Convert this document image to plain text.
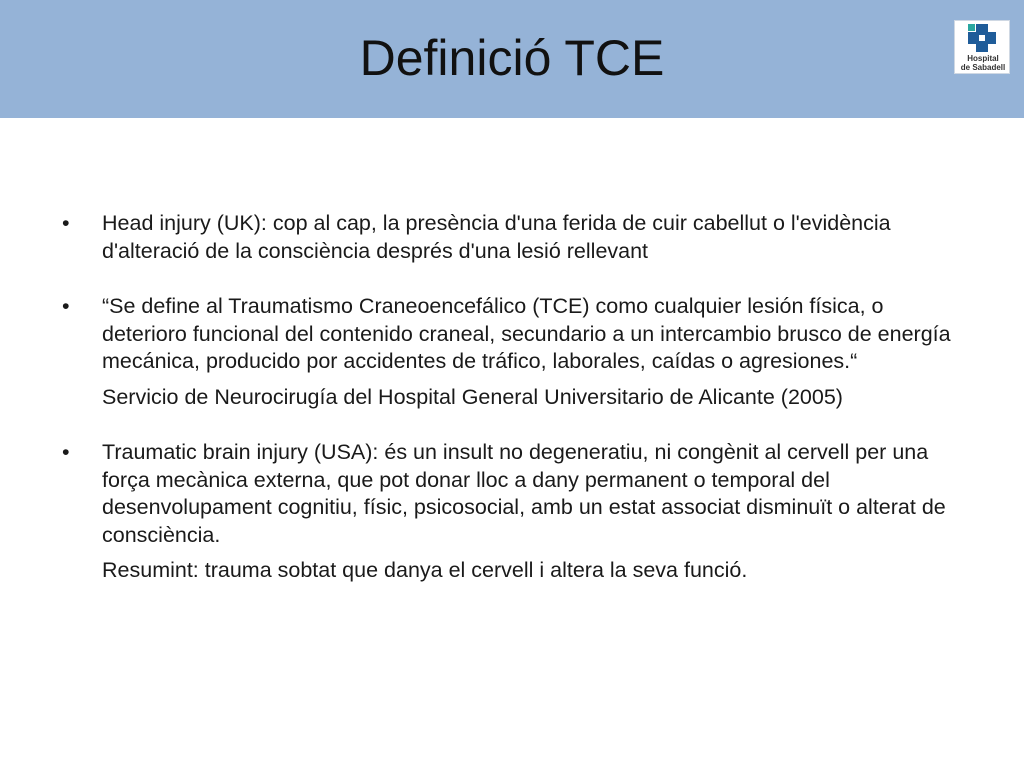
Definició TCE	Hospital
de Sabadell
• Head injury (UK): cop al cap, la presència d'una ferida de cuir cabellut o l'evidència d'alteració de la consciència després d'una lesió rellevant
• “Se define al Traumatismo Craneoencefálico (TCE) como cualquier lesión física, o deterioro funcional del contenido craneal, secundario a un intercambio brusco de energía mecánica, producido por accidentes de tráfico, laborales, caídas o agresiones.“
Servicio de Neurocirugía del Hospital General Universitario de Alicante (2005)
• Traumatic brain injury (USA): és un insult no degeneratiu, ni congènit al cervell per una força mecànica externa, que pot donar lloc a dany permanent o temporal del desenvolupament cognitiu, físic, psicosocial, amb un estat associat disminuït o alterat de consciència.
Resumint: trauma sobtat que danya el cervell i altera la seva funció.
